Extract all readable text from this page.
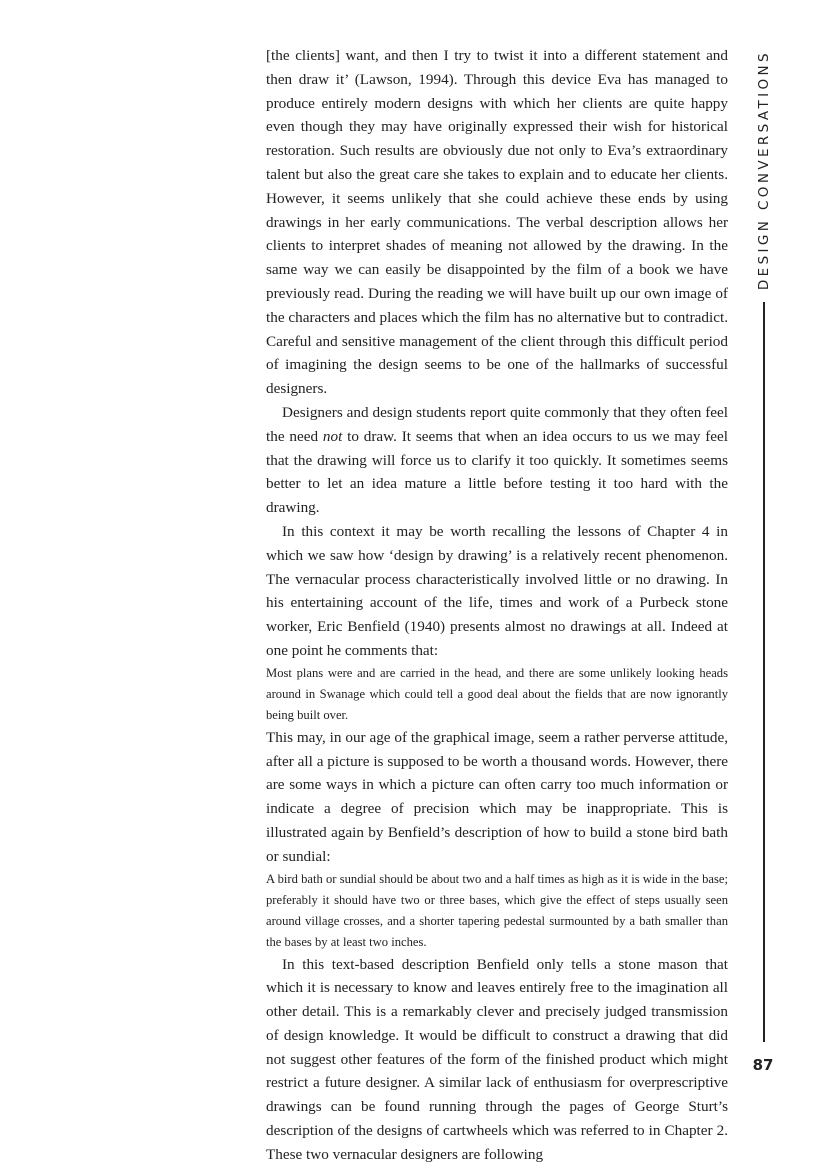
DESIGN CONVERSATIONS
87

[the clients] want, and then I try to twist it into a different statement and then draw it’ (Lawson, 1994). Through this device Eva has managed to produce entirely modern designs with which her clients are quite happy even though they may have originally expressed their wish for historical restoration. Such results are obviously due not only to Eva’s extraordinary talent but also the great care she takes to explain and to educate her clients. However, it seems unlikely that she could achieve these ends by using drawings in her early communications. The verbal description allows her clients to interpret shades of meaning not allowed by the drawing. In the same way we can easily be disappointed by the film of a book we have previously read. During the reading we will have built up our own image of the characters and places which the film has no alternative but to contradict. Careful and sensitive management of the client through this difficult period of imagining the design seems to be one of the hallmarks of successful designers.

Designers and design students report quite commonly that they often feel the need not to draw. It seems that when an idea occurs to us we may feel that the drawing will force us to clarify it too quickly. It sometimes seems better to let an idea mature a little before testing it too hard with the drawing.

In this context it may be worth recalling the lessons of Chapter 4 in which we saw how ‘design by drawing’ is a relatively recent phenomenon. The vernacular process characteristically involved little or no drawing. In his entertaining account of the life, times and work of a Purbeck stone worker, Eric Benfield (1940) presents almost no drawings at all. Indeed at one point he comments that:

Most plans were and are carried in the head, and there are some unlikely looking heads around in Swanage which could tell a good deal about the fields that are now ignorantly being built over.

This may, in our age of the graphical image, seem a rather perverse attitude, after all a picture is supposed to be worth a thousand words. However, there are some ways in which a picture can often carry too much information or indicate a degree of precision which may be inappropriate. This is illustrated again by Benfield’s description of how to build a stone bird bath or sundial:

A bird bath or sundial should be about two and a half times as high as it is wide in the base; preferably it should have two or three bases, which give the effect of steps usually seen around village crosses, and a shorter tapering pedestal surmounted by a bath smaller than the bases by at least two inches.

In this text-based description Benfield only tells a stone mason that which it is necessary to know and leaves entirely free to the imagination all other detail. This is a remarkably clever and precisely judged transmission of design knowledge. It would be difficult to construct a drawing that did not suggest other features of the form of the finished product which might restrict a future designer. A similar lack of enthusiasm for overprescriptive drawings can be found running through the pages of George Sturt’s description of the designs of cartwheels which was referred to in Chapter 2. These two vernacular designers are following
